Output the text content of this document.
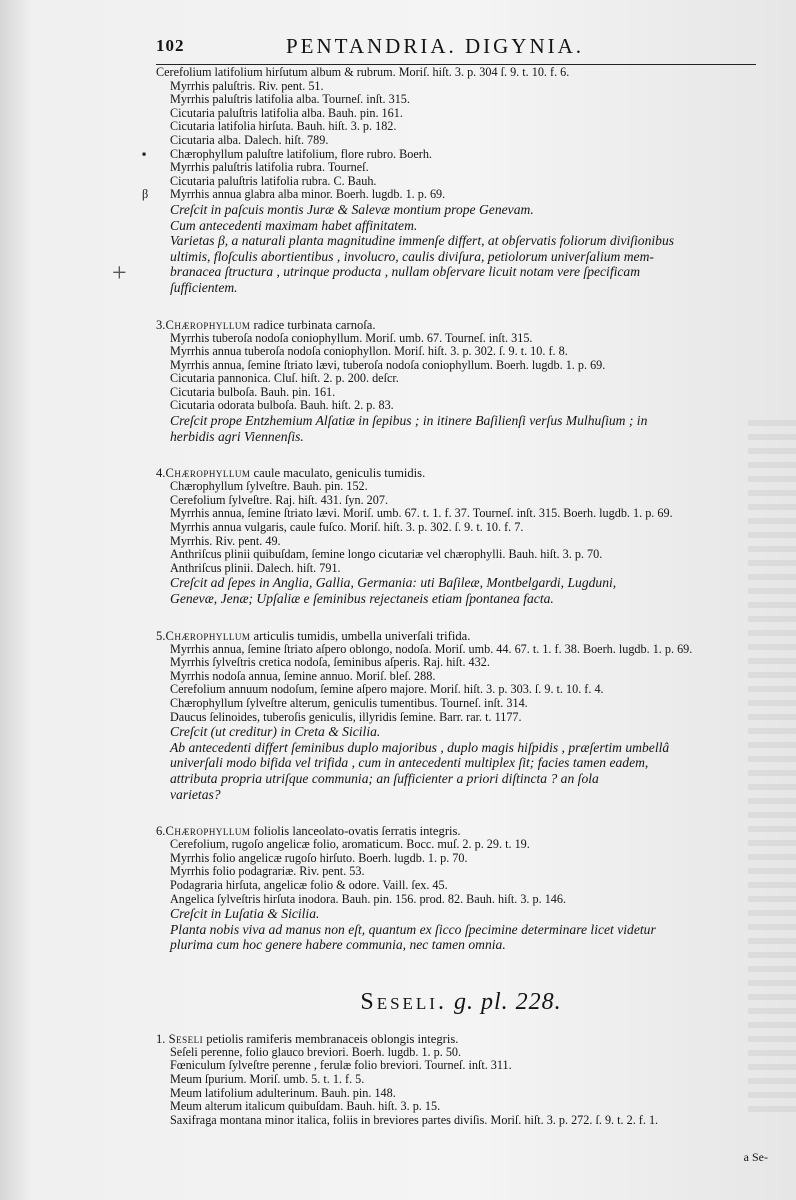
102	PENTANDRIA. DIGYNIA.
+
Cerefolium latifolium hirſutum album & rubrum. Moriſ. hiſt. 3. p. 304 ſ. 9. t. 10. f. 6.
Myrrhis paluſtris. Riv. pent. 51.
Myrrhis paluſtris latifolia alba. Tourneſ. inſt. 315.
Cicutaria paluſtris latifolia alba. Bauh. pin. 161.
Cicutaria latifolia hirſuta. Bauh. hiſt. 3. p. 182.
Cicutaria alba. Dalech. hiſt. 789.
▪ Chærophyllum paluſtre latifolium, flore rubro. Boerh.
Myrrhis paluſtris latifolia rubra. Tourneſ.
Cicutaria paluſtris latifolia rubra. C. Bauh.
β Myrrhis annua glabra alba minor. Boerh. lugdb. 1. p. 69.
Creſcit in paſcuis montis Juræ & Salevæ montium prope Genevam.
Cum antecedenti maximam habet affinitatem.
Varietas β, a naturali planta magnitudine immenſe differt, at obſervatis foliorum diviſionibus
ultimis, floſculis abortientibus , involucro, caulis diviſura, petiolorum univerſalium mem-
branacea ſtructura , utrinque producta , nullam obſervare licuit notam vere ſpecificam
ſufficientem.
3.Chærophyllum radice turbinata carnoſa.
Myrrhis tuberoſa nodoſa coniophyllum. Moriſ. umb. 67. Tourneſ. inſt. 315.
Myrrhis annua tuberoſa nodoſa coniophyllon. Moriſ. hiſt. 3. p. 302. ſ. 9. t. 10. f. 8.
Myrrhis annua, ſemine ſtriato lævi, tuberoſa nodoſa coniophyllum. Boerh. lugdb. 1. p. 69.
Cicutaria pannonica. Cluſ. hiſt. 2. p. 200. deſcr.
Cicutaria bulboſa. Bauh. pin. 161.
Cicutaria odorata bulboſa. Bauh. hiſt. 2. p. 83.
Creſcit prope Entzhemium Alſatiæ in ſepibus ; in itinere Baſilienſi verſus Mulhuſium ; in
herbidis agri Viennenſis.
4.Chærophyllum caule maculato, geniculis tumidis.
Chærophyllum ſylveſtre. Bauh. pin. 152.
Cerefolium ſylveſtre. Raj. hiſt. 431. ſyn. 207.
Myrrhis annua, ſemine ſtriato lævi. Moriſ. umb. 67. t. 1. f. 37. Tourneſ. inſt. 315. Boerh. lugdb. 1. p. 69.
Myrrhis annua vulgaris, caule fuſco. Moriſ. hiſt. 3. p. 302. ſ. 9. t. 10. f. 7.
Myrrhis. Riv. pent. 49.
Anthriſcus plinii quibuſdam, ſemine longo cicutariæ vel chærophylli. Bauh. hiſt. 3. p. 70.
Anthriſcus plinii. Dalech. hiſt. 791.
Creſcit ad ſepes in Anglia, Gallia, Germania: uti Baſileæ, Montbelgardi, Lugduni,
Genevæ, Jenæ; Upſaliæ e ſeminibus rejectaneis etiam ſpontanea facta.
5.Chærophyllum articulis tumidis, umbella univerſali trifida.
Myrrhis annua, ſemine ſtriato aſpero oblongo, nodoſa. Moriſ. umb. 44. 67. t. 1. f. 38. Boerh. lugdb. 1. p. 69.
Myrrhis ſylveſtris cretica nodoſa, ſeminibus aſperis. Raj. hiſt. 432.
Myrrhis nodoſa annua, ſemine annuo. Moriſ. bleſ. 288.
Cerefolium annuum nodoſum, ſemine aſpero majore. Moriſ. hiſt. 3. p. 303. ſ. 9. t. 10. f. 4.
Chærophyllum ſylveſtre alterum, geniculis tumentibus. Tourneſ. inſt. 314.
Daucus ſelinoides, tuberoſis geniculis, illyridis ſemine. Barr. rar. t. 1177.
Creſcit (ut creditur) in Creta & Sicilia.
Ab antecedenti differt ſeminibus duplo majoribus , duplo magis hiſpidis , præſertim umbellâ
univerſali modo bifida vel trifida , cum in antecedenti multiplex ſit; facies tamen eadem,
attributa propria utriſque communia; an ſufficienter a priori diſtincta ? an ſola
varietas?
6.Chærophyllum foliolis lanceolato-ovatis ſerratis integris.
Cerefolium, rugoſo angelicæ folio, aromaticum. Bocc. muſ. 2. p. 29. t. 19.
Myrrhis folio angelicæ rugoſo hirſuto. Boerh. lugdb. 1. p. 70.
Myrrhis folio podagrariæ. Riv. pent. 53.
Podagraria hirſuta, angelicæ folio & odore. Vaill. ſex. 45.
Angelica ſylveſtris hirſuta inodora. Bauh. pin. 156. prod. 82. Bauh. hiſt. 3. p. 146.
Creſcit in Luſatia & Sicilia.
Planta nobis viva ad manus non eſt, quantum ex ſicco ſpecimine determinare licet videtur
plurima cum hoc genere habere communia, nec tamen omnia.
Seseli. g. pl. 228.
1. Seseli petiolis ramiferis membranaceis oblongis integris.
Seſeli perenne, folio glauco breviori. Boerh. lugdb. 1. p. 50.
Fœniculum ſylveſtre perenne , ferulæ folio breviori. Tourneſ. inſt. 311.
Meum ſpurium. Moriſ. umb. 5. t. 1. f. 5.
Meum latifolium adulterinum. Bauh. pin. 148.
Meum alterum italicum quibuſdam. Bauh. hiſt. 3. p. 15.
Saxifraga montana minor italica, foliis in breviores partes diviſis. Moriſ. hiſt. 3. p. 272. ſ. 9. t. 2. f. 1.
a Se-
